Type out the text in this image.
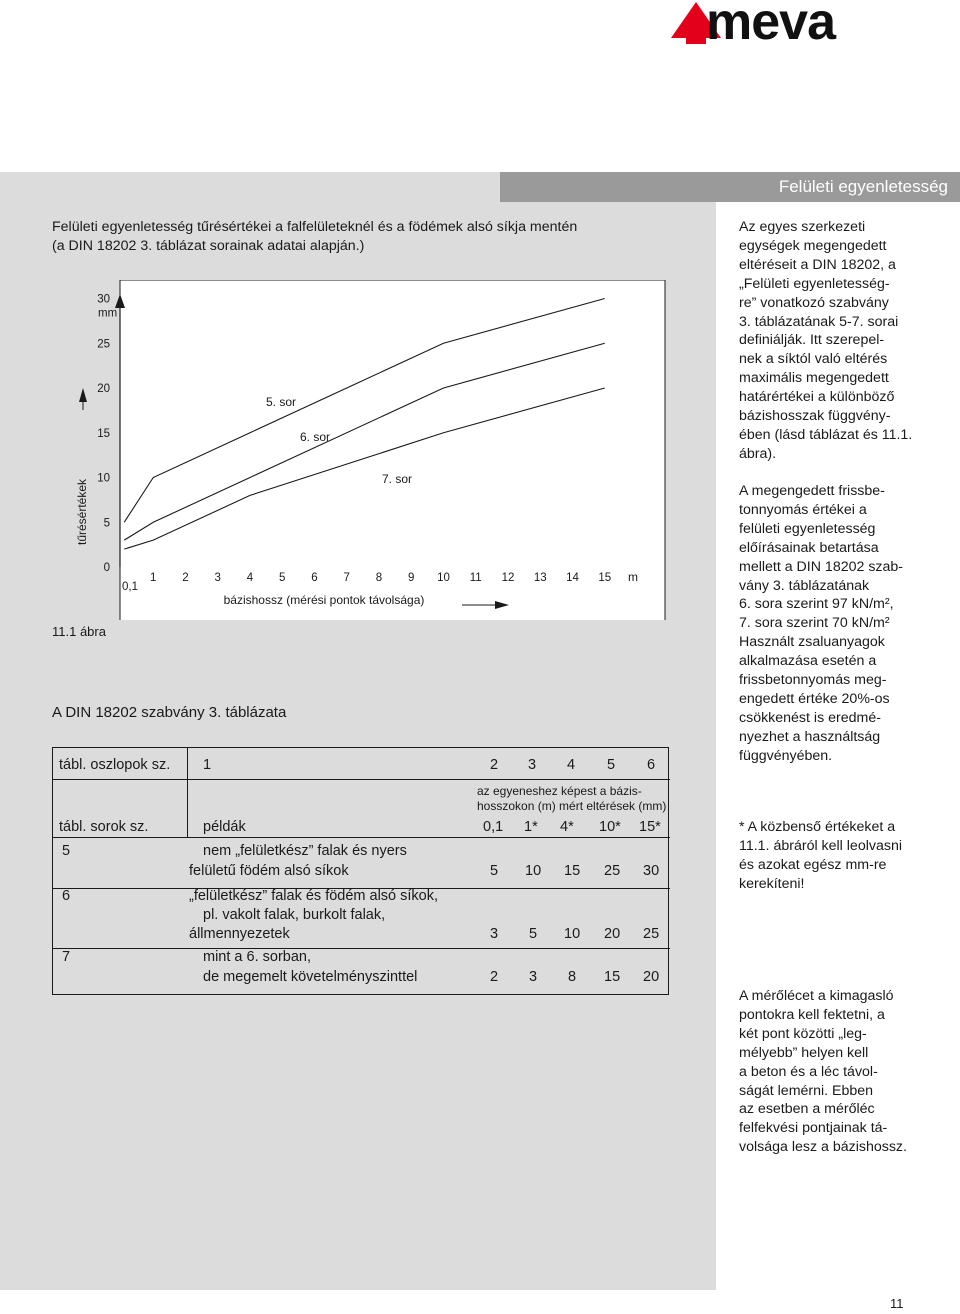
meva
Felületi egyenletesség
Felületi egyenletesség tűrésértékei a falfelületeknél és a födémek alsó síkja mentén
(a DIN 18202 3. táblázat sorainak adatai alapján.)
5. sor
6. sor
7. sor
0
5
10
15
20
25
30
mm
tűrésértékek
0,1
1 2 3 4 5 6 7 8 9 10 11 12 13 14 15 m
bázishossz (mérési pontok távolsága)
11.1 ábra
A DIN 18202 szabvány 3. táblázata
tábl. oszlopok sz. 1	2 3 4 5 6
az egyeneshez képest a bázis-
hosszokon (m) mért eltérések (mm)
tábl. sorok sz.	példák	0,1 1* 4* 10* 15*
5	nem „felületkész” falak és nyers
felületű födém alsó síkok	5 10 15 25 30
6	„felületkész” falak és födém alsó síkok,
pl. vakolt falak, burkolt falak,
állmennyezetek	3 5 10 20 25
7	mint a 6. sorban,
de megemelt követelményszinttel	2 3 8 15 20
Az egyes szerkezeti
egységek megengedett
eltéréseit a DIN 18202, a
„Felületi egyenletesség-
re” vonatkozó szabvány
3. táblázatának 5-7. sorai
definiálják. Itt szerepel-
nek a síktól való eltérés
maximális megengedett
határértékei a különböző
bázishosszak függvény-
ében (lásd táblázat és 11.1.
ábra).
A megengedett frissbe-
tonnyomás értékei a
felületi egyenletesség
előírásainak betartása
mellett a DIN 18202 szab-
vány 3. táblázatának
6. sora szerint 97 kN/m²,
7. sora szerint 70 kN/m²
Használt zsaluanyagok
alkalmazása esetén a
frissbetonnyomás meg-
engedett értéke 20%-os
csökkenést is eredmé-
nyezhet a használtság
függvényében.
* A közbenső értékeket a
11.1. ábráról kell leolvasni
és azokat egész mm-re
kerekíteni!
A mérőlécet a kimagasló
pontokra kell fektetni, a
két pont közötti „leg-
mélyebb” helyen kell
a beton és a léc távol-
ságát lemérni. Ebben
az esetben a mérőléc
felfekvési pontjainak tá-
volsága lesz a bázishossz.
11
